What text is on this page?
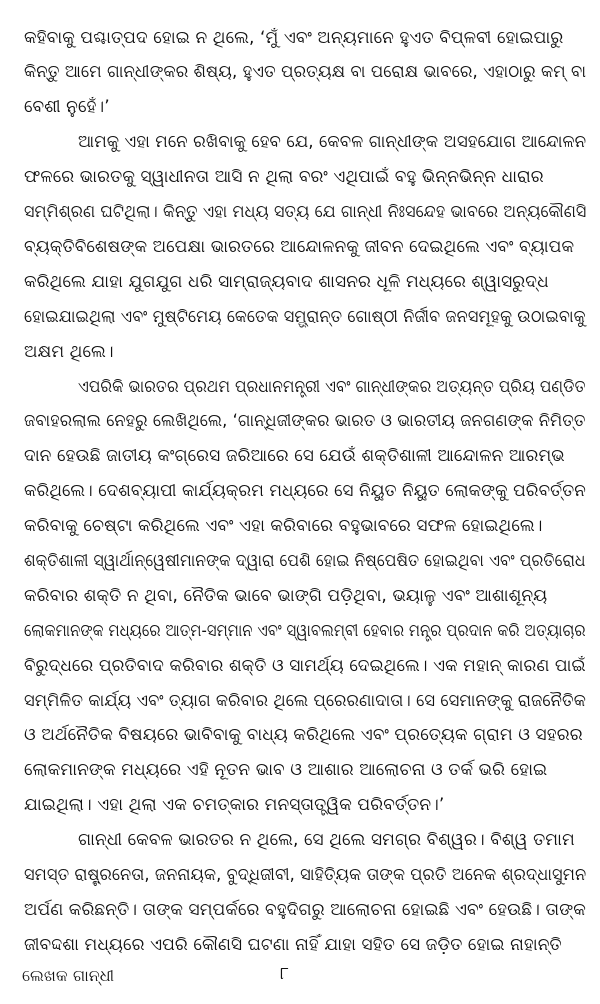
କହିବାକୁ ପଶ୍ଚାତ୍‌ପଦ ହୋଇ ନ ଥିଲେ, ‘ମୁଁ ଏବଂ ଅନ୍ୟମାନେ ହୁଏତ ବିପ୍ଳବୀ ହୋଇପାରୁ
କିନ୍ତୁ ଆମେ ଗାନ୍ଧୀଙ୍କର ଶିଷ୍ୟ, ହୁଏତ ପ୍ରତ୍ୟକ୍ଷ ବା ପରୋକ୍ଷ ଭାବରେ, ଏହାଠାରୁ କମ୍ ବା
ବେଶୀ ନୁହେଁ।’
ଆମକୁ ଏହା ମନେ ରଖିବାକୁ ହେବ ଯେ, କେବଳ ଗାନ୍ଧୀଙ୍କ ଅସହଯୋଗ ଆନ୍ଦୋଳନ
ଫଳରେ ଭାରତକୁ ସ୍ୱାଧୀନତା ଆସି ନ ଥିଲା ବରଂ ଏଥିପାଇଁ ବହୁ ଭିନ୍ନଭିନ୍ନ ଧାରାର
ସମ୍ମିଶ୍ରଣ ଘଟିଥିଲା। କିନ୍ତୁ ଏହା ମଧ୍ୟ ସତ୍ୟ ଯେ ଗାନ୍ଧୀ ନିଃସନ୍ଦେହ ଭାବରେ ଅନ୍ୟକୌଣସି
ବ୍ୟକ୍ତିବିଶେଷଙ୍କ ଅପେକ୍ଷା ଭାରତରେ ଆନ୍ଦୋଳନକୁ ଜୀବନ ଦେଇଥିଲେ ଏବଂ ବ୍ୟାପକ
କରିଥିଲେ ଯାହା ଯୁଗଯୁଗ ଧରି ସାମ୍ରାଜ୍ୟବାଦ ଶାସନର ଧୂଳି ମଧ୍ୟରେ ଶ୍ୱାସରୁଦ୍ଧ
ହୋଇଯାଇଥିଲା ଏବଂ ମୁଷ୍ଟିମେୟ କେତେକ ସମ୍ଭ୍ରାନ୍ତ ଗୋଷ୍ଠୀ ନିର୍ଜୀବ ଜନସମୂହକୁ ଉଠାଇବାକୁ
ଅକ୍ଷମ ଥିଲେ।
ଏପରିକି ଭାରତର ପ୍ରଥମ ପ୍ରଧାନମନ୍ତ୍ରୀ ଏବଂ ଗାନ୍ଧୀଙ୍କର ଅତ୍ୟନ୍ତ ପ୍ରିୟ ପଣ୍ଡିତ
ଜବାହରଲାଲ ନେହରୁ ଲେଖିଥିଲେ, ‘ଗାନ୍ଧିଜୀଙ୍କର ଭାରତ ଓ ଭାରତୀୟ ଜନଗଣଙ୍କ ନିମିତ୍ତ
ଦାନ ହେଉଛି ଜାତୀୟ କଂଗ୍ରେସ ଜରିଆରେ ସେ ଯେଉଁ ଶକ୍ତିଶାଳୀ ଆନ୍ଦୋଳନ ଆରମ୍ଭ
କରିଥିଲେ। ଦେଶବ୍ୟାପୀ କାର୍ଯ୍ୟକ୍ରମ ମଧ୍ୟରେ ସେ ନିୟୁତ ନିୟୁତ ଲୋକଙ୍କୁ ପରିବର୍ତ୍ତନ
କରିବାକୁ ଚେଷ୍ଟା କରିଥିଲେ ଏବଂ ଏହା କରିବାରେ ବହୁଭାବରେ ସଫଳ ହୋଇଥିଲେ।
ଶକ୍ତିଶାଳୀ ସ୍ୱାର୍ଥାନ୍ୱେଷୀମାନଙ୍କ ଦ୍ୱାରା ପେଶି ହୋଇ ନିଷ୍ପେଷିତ ହୋଇଥିବା ଏବଂ ପ୍ରତିରୋଧ
କରିବାର ଶକ୍ତି ନ ଥିବା, ନୈତିକ ଭାବେ ଭାଙ୍ଗି ପଡ଼ିଥିବା, ଭୟାଳୁ ଏବଂ ଆଶାଶୂନ୍ୟ
ଲୋକମାନଙ୍କ ମଧ୍ୟରେ ଆତ୍ମ-ସମ୍ମାନ ଏବଂ ସ୍ୱାବଲମ୍ବୀ ହେବାର ମନ୍ତ୍ର ପ୍ରଦାନ କରି ଅତ୍ୟାଚାର
ବିରୁଦ୍ଧରେ ପ୍ରତିବାଦ କରିବାର ଶକ୍ତି ଓ ସାମର୍ଥ୍ୟ ଦେଇଥିଲେ। ଏକ ମହାନ୍ କାରଣ ପାଇଁ
ସମ୍ମିଳିତ କାର୍ଯ୍ୟ ଏବଂ ତ୍ୟାଗ କରିବାର ଥିଲେ ପ୍ରେରଣାଦାତା। ସେ ସେମାନଙ୍କୁ ରାଜନୈତିକ
ଓ ଅର୍ଥନୈତିକ ବିଷୟରେ ଭାବିବାକୁ ବାଧ୍ୟ କରିଥିଲେ ଏବଂ ପ୍ରତ୍ୟେକ ଗ୍ରାମ ଓ ସହରର
ଲୋକମାନଙ୍କ ମଧ୍ୟରେ ଏହି ନୂତନ ଭାବ ଓ ଆଶାର ଆଲୋଚନା ଓ ତର୍କ ଭରି ହୋଇ
ଯାଇଥିଲା। ଏହା ଥିଲା ଏକ ଚମତ୍କାର ମନସ୍ତାତ୍ତ୍ୱିକ ପରିବର୍ତ୍ତନ।’
ଗାନ୍ଧୀ କେବଳ ଭାରତର ନ ଥିଲେ, ସେ ଥିଲେ ସମଗ୍ର ବିଶ୍ୱର। ବିଶ୍ୱ ତମାମ
ସମସ୍ତ ରାଷ୍ଟ୍ରନେତା, ଜନନାୟକ, ବୁଦ୍ଧିଜୀବୀ, ସାହିତ୍ୟିକ ତାଙ୍କ ପ୍ରତି ଅନେକ ଶ୍ରଦ୍ଧାସୁମନ
ଅର୍ପଣ କରିଛନ୍ତି। ତାଙ୍କ ସମ୍ପର୍କରେ ବହୁଦିଗରୁ ଆଲୋଚନା ହୋଇଛି ଏବଂ ହେଉଛି। ତାଙ୍କ
ଜୀବଦ୍ଦଶା ମଧ୍ୟରେ ଏପରି କୌଣସି ଘଟଣା ନାହିଁ ଯାହା ସହିତ ସେ ଜଡ଼ିତ ହୋଇ ନାହାନ୍ତି
ଲେଖକ ଗାନ୍ଧୀ	୮
